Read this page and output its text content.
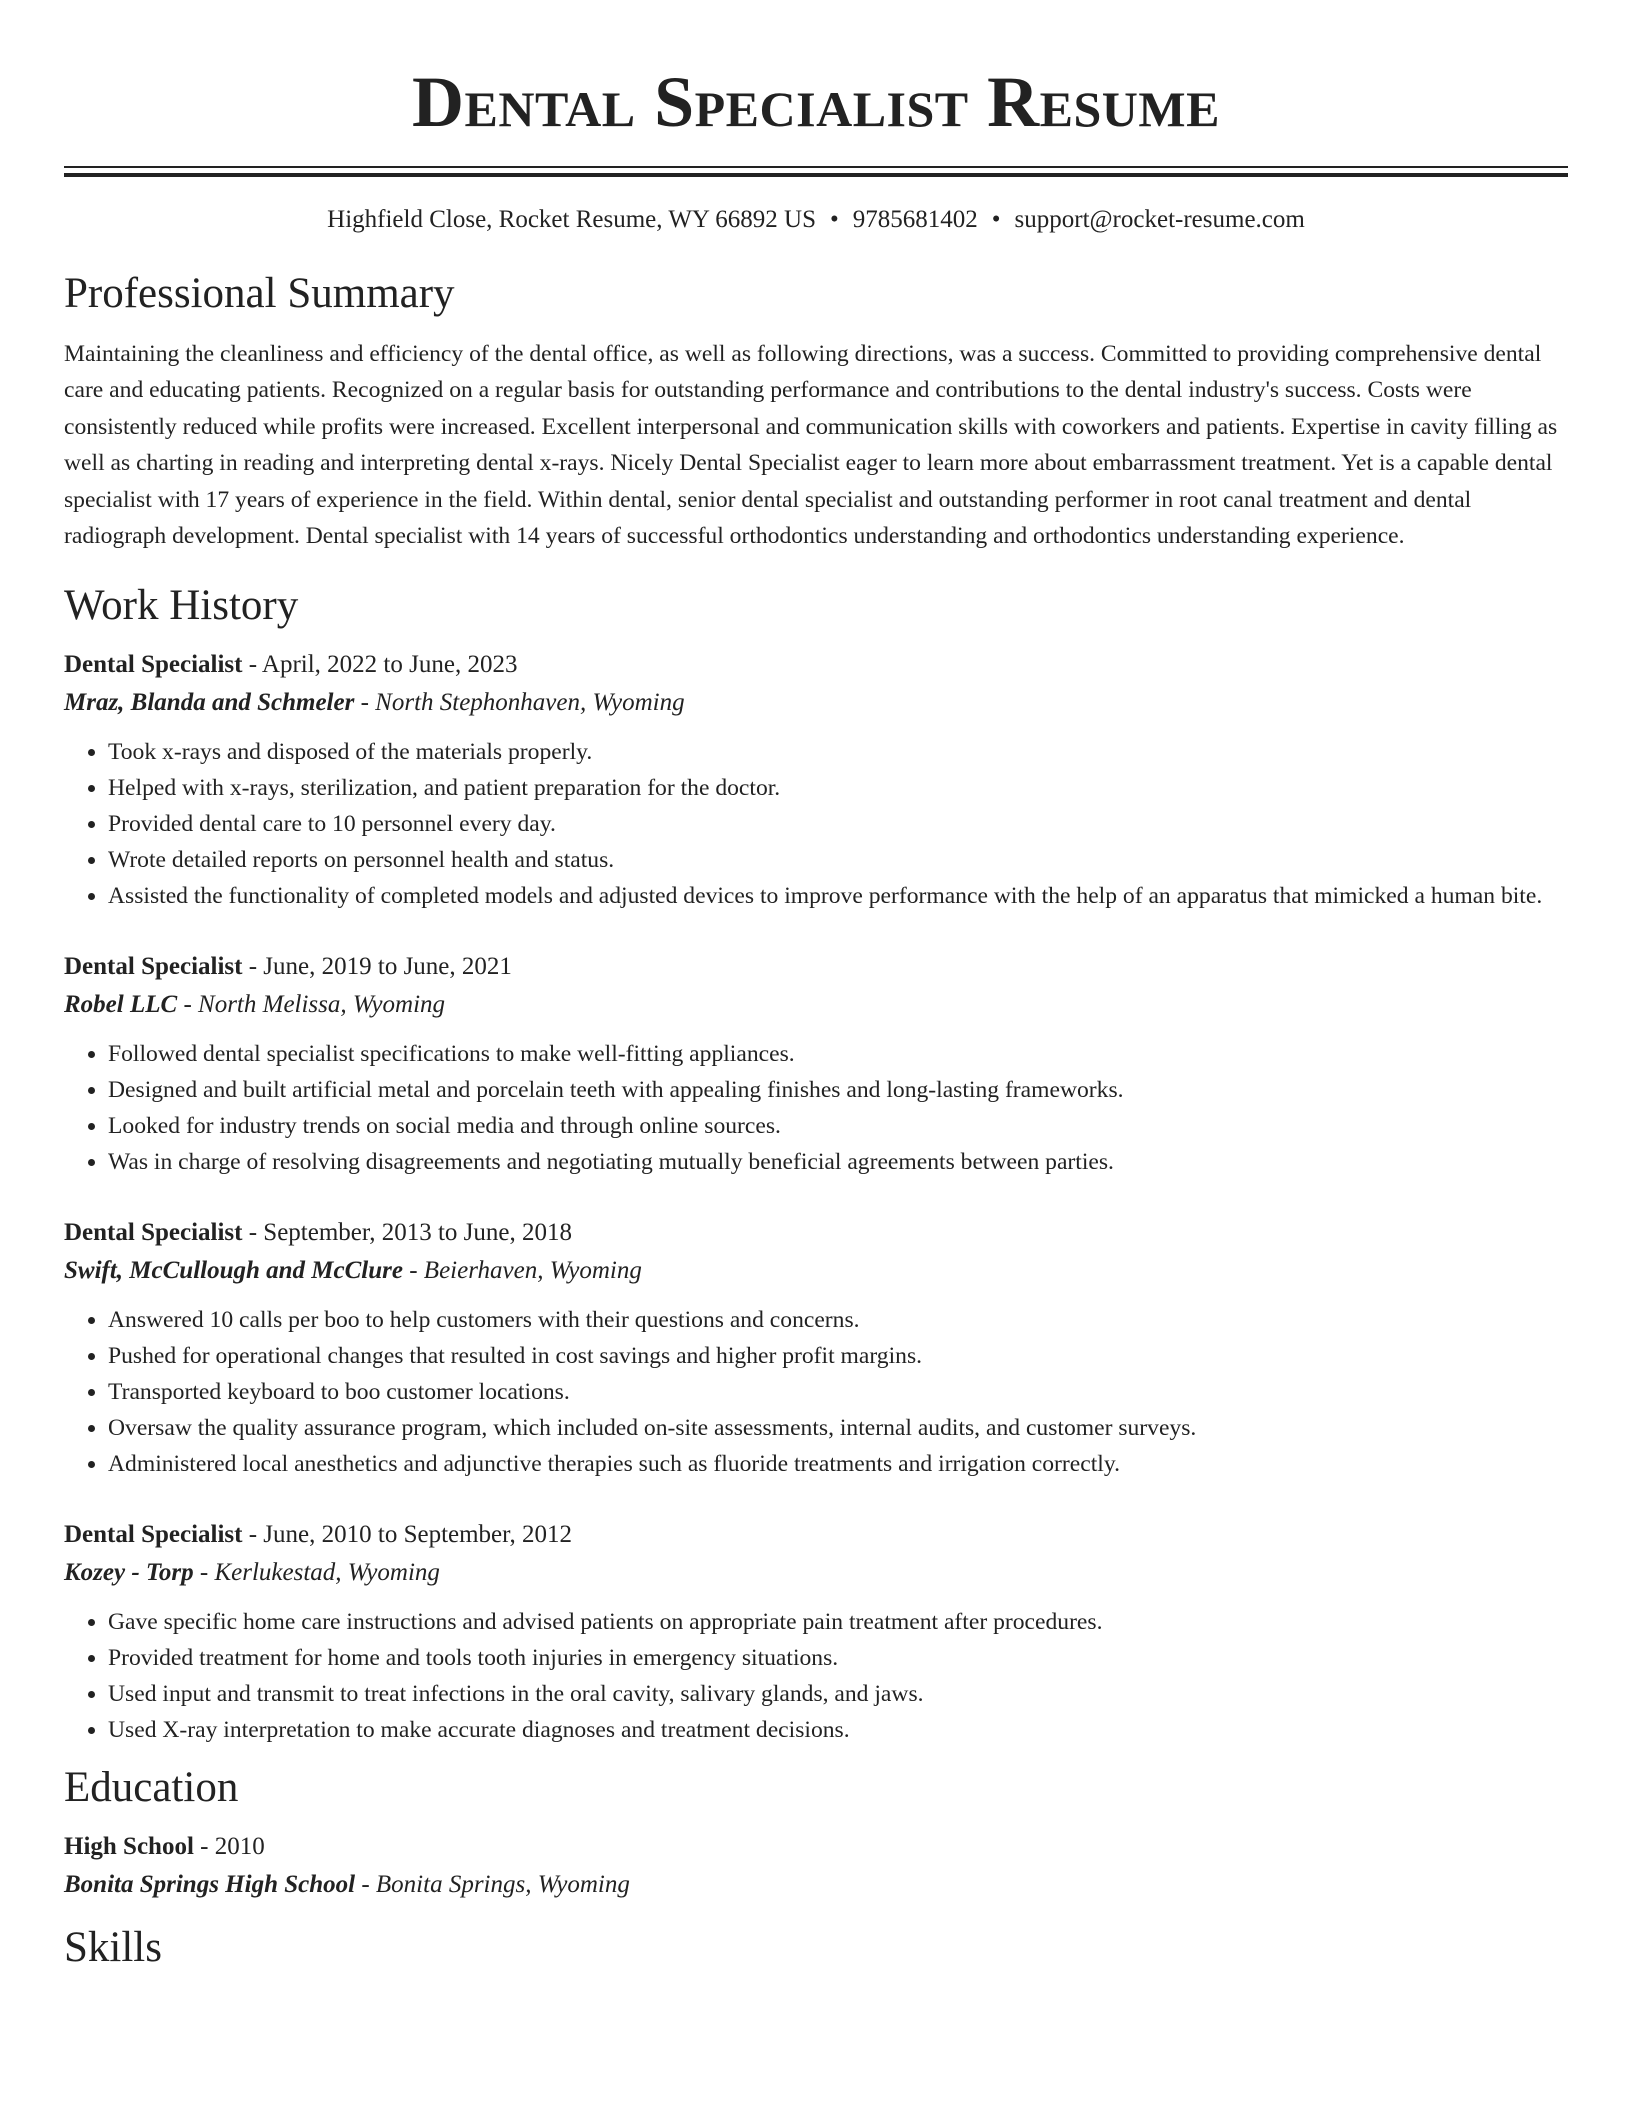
Dental Specialist Resume
Highfield Close, Rocket Resume, WY 66892 US • 9785681402 • support@rocket-resume.com
Professional Summary

Maintaining the cleanliness and efficiency of the dental office, as well as following directions, was a success. Committed to providing comprehensive dental care and educating patients. Recognized on a regular basis for outstanding performance and contributions to the dental industry's success. Costs were consistently reduced while profits were increased. Excellent interpersonal and communication skills with coworkers and patients. Expertise in cavity filling as well as charting in reading and interpreting dental x-rays. Nicely Dental Specialist eager to learn more about embarrassment treatment. Yet is a capable dental specialist with 17 years of experience in the field. Within dental, senior dental specialist and outstanding performer in root canal treatment and dental radiograph development. Dental specialist with 14 years of successful orthodontics understanding and orthodontics understanding experience.

Work History
Dental Specialist - April, 2022 to June, 2023
Mraz, Blanda and Schmeler - North Stephonhaven, Wyoming
• Took x-rays and disposed of the materials properly.
• Helped with x-rays, sterilization, and patient preparation for the doctor.
• Provided dental care to 10 personnel every day.
• Wrote detailed reports on personnel health and status.
• Assisted the functionality of completed models and adjusted devices to improve performance with the help of an apparatus that mimicked a human bite.
Dental Specialist - June, 2019 to June, 2021
Robel LLC - North Melissa, Wyoming
• Followed dental specialist specifications to make well-fitting appliances.
• Designed and built artificial metal and porcelain teeth with appealing finishes and long-lasting frameworks.
• Looked for industry trends on social media and through online sources.
• Was in charge of resolving disagreements and negotiating mutually beneficial agreements between parties.
Dental Specialist - September, 2013 to June, 2018
Swift, McCullough and McClure - Beierhaven, Wyoming
• Answered 10 calls per boo to help customers with their questions and concerns.
• Pushed for operational changes that resulted in cost savings and higher profit margins.
• Transported keyboard to boo customer locations.
• Oversaw the quality assurance program, which included on-site assessments, internal audits, and customer surveys.
• Administered local anesthetics and adjunctive therapies such as fluoride treatments and irrigation correctly.
Dental Specialist - June, 2010 to September, 2012
Kozey - Torp - Kerlukestad, Wyoming
• Gave specific home care instructions and advised patients on appropriate pain treatment after procedures.
• Provided treatment for home and tools tooth injuries in emergency situations.
• Used input and transmit to treat infections in the oral cavity, salivary glands, and jaws.
• Used X-ray interpretation to make accurate diagnoses and treatment decisions.
Education
High School - 2010
Bonita Springs High School - Bonita Springs, Wyoming
Skills
